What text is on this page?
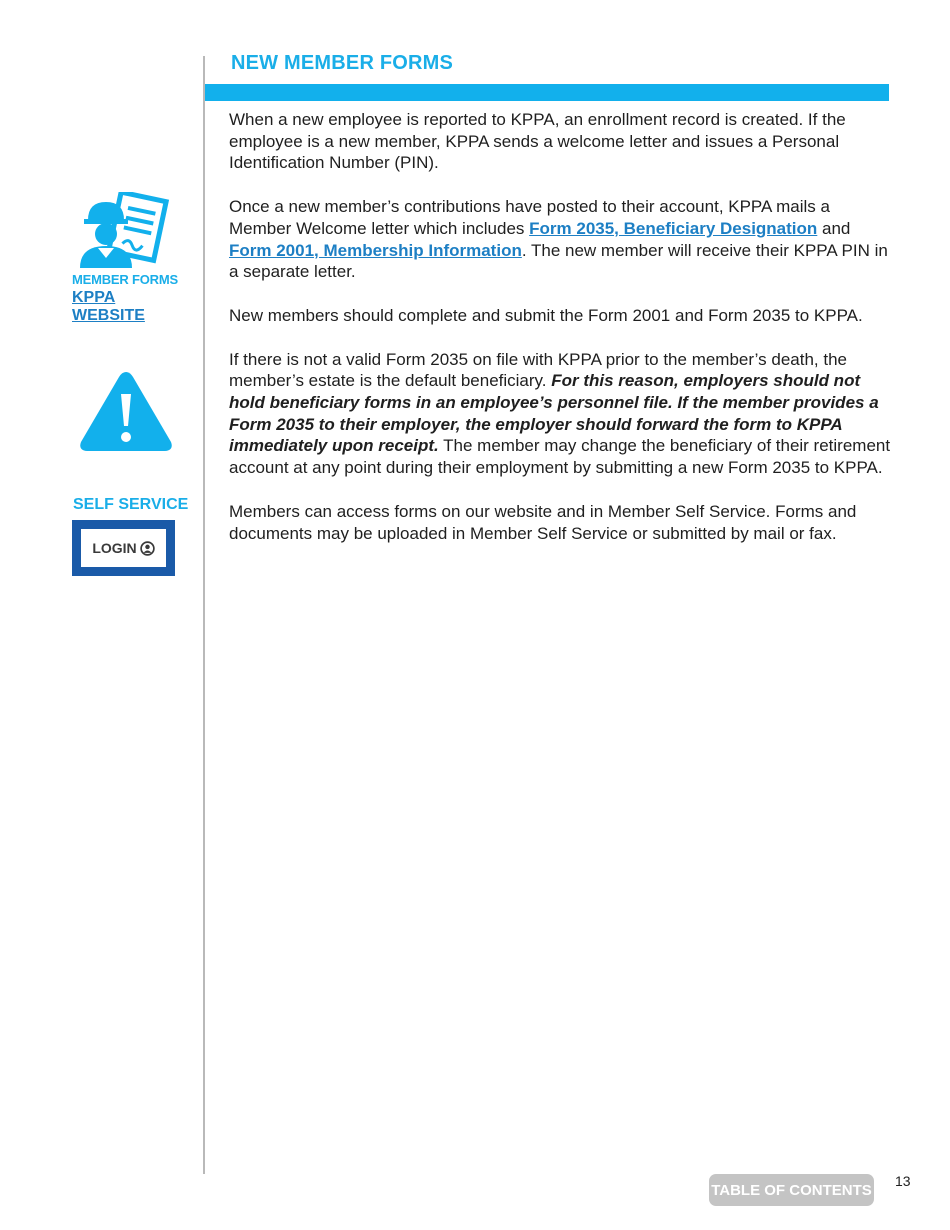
NEW MEMBER FORMS

When a new employee is reported to KPPA, an enrollment record is created. If the employee is a new member, KPPA sends a welcome letter and issues a Personal Identification Number (PIN).

Once a new member’s contributions have posted to their account, KPPA mails a Member Welcome letter which includes Form 2035, Beneficiary Designation and Form 2001, Membership Information. The new member will receive their KPPA PIN in a separate letter.

New members should complete and submit the Form 2001 and Form 2035 to KPPA.

If there is not a valid Form 2035 on file with KPPA prior to the member’s death, the member’s estate is the default beneficiary. For this reason, employers should not hold beneficiary forms in an employee’s personnel file. If the member provides a Form 2035 to their employer, the employer should forward the form to KPPA immediately upon receipt. The member may change the beneficiary of their retirement account at any point during their employment by submitting a new Form 2035 to KPPA.

Members can access forms on our website and in Member Self Service. Forms and documents may be uploaded in Member Self Service or submitted by mail or fax.

MEMBER FORMS
KPPA WEBSITE
SELF SERVICE
LOGIN
TABLE OF CONTENTS
13
